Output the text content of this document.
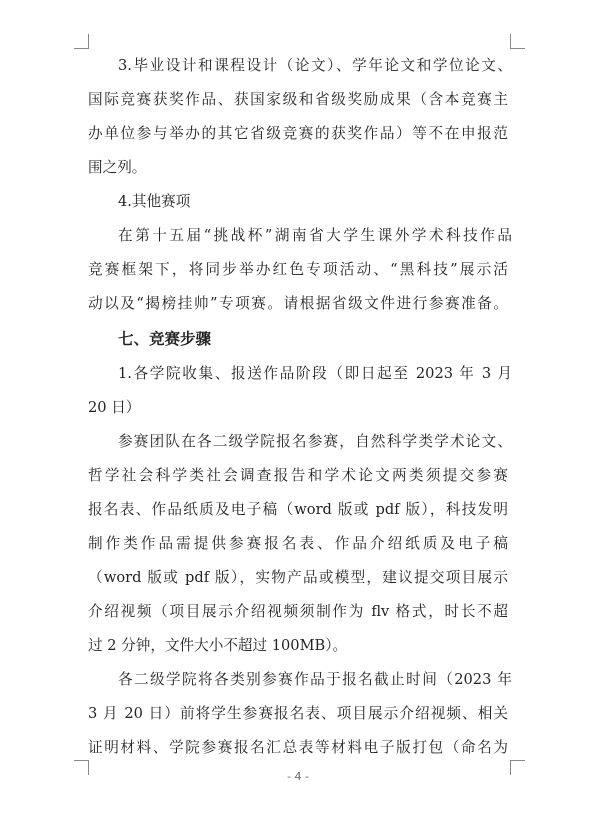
3.毕业设计和课程设计（论文）、学年论文和学位论文、
国际竞赛获奖作品、获国家级和省级奖励成果（含本竞赛主
办单位参与举办的其它省级竞赛的获奖作品）等不在申报范
围之列。
4.其他赛项
在第十五届“挑战杯”湖南省大学生课外学术科技作品
竞赛框架下，将同步举办红色专项活动、“黑科技”展示活
动以及“揭榜挂帅”专项赛。请根据省级文件进行参赛准备。
七、竞赛步骤
1.各学院收集、报送作品阶段（即日起至 2023 年 3 月
20 日）
参赛团队在各二级学院报名参赛，自然科学类学术论文、
哲学社会科学类社会调查报告和学术论文两类须提交参赛
报名表、作品纸质及电子稿（word 版或 pdf 版），科技发明
制作类作品需提供参赛报名表、作品介绍纸质及电子稿
（word 版或 pdf 版），实物产品或模型，建议提交项目展示
介绍视频（项目展示介绍视频须制作为 flv 格式，时长不超
过 2 分钟，文件大小不超过 100MB）。
各二级学院将各类别参赛作品于报名截止时间（2023 年
3 月 20 日）前将学生参赛报名表、项目展示介绍视频、相关
证明材料、学院参赛报名汇总表等材料电子版打包（命名为
- 4 -
